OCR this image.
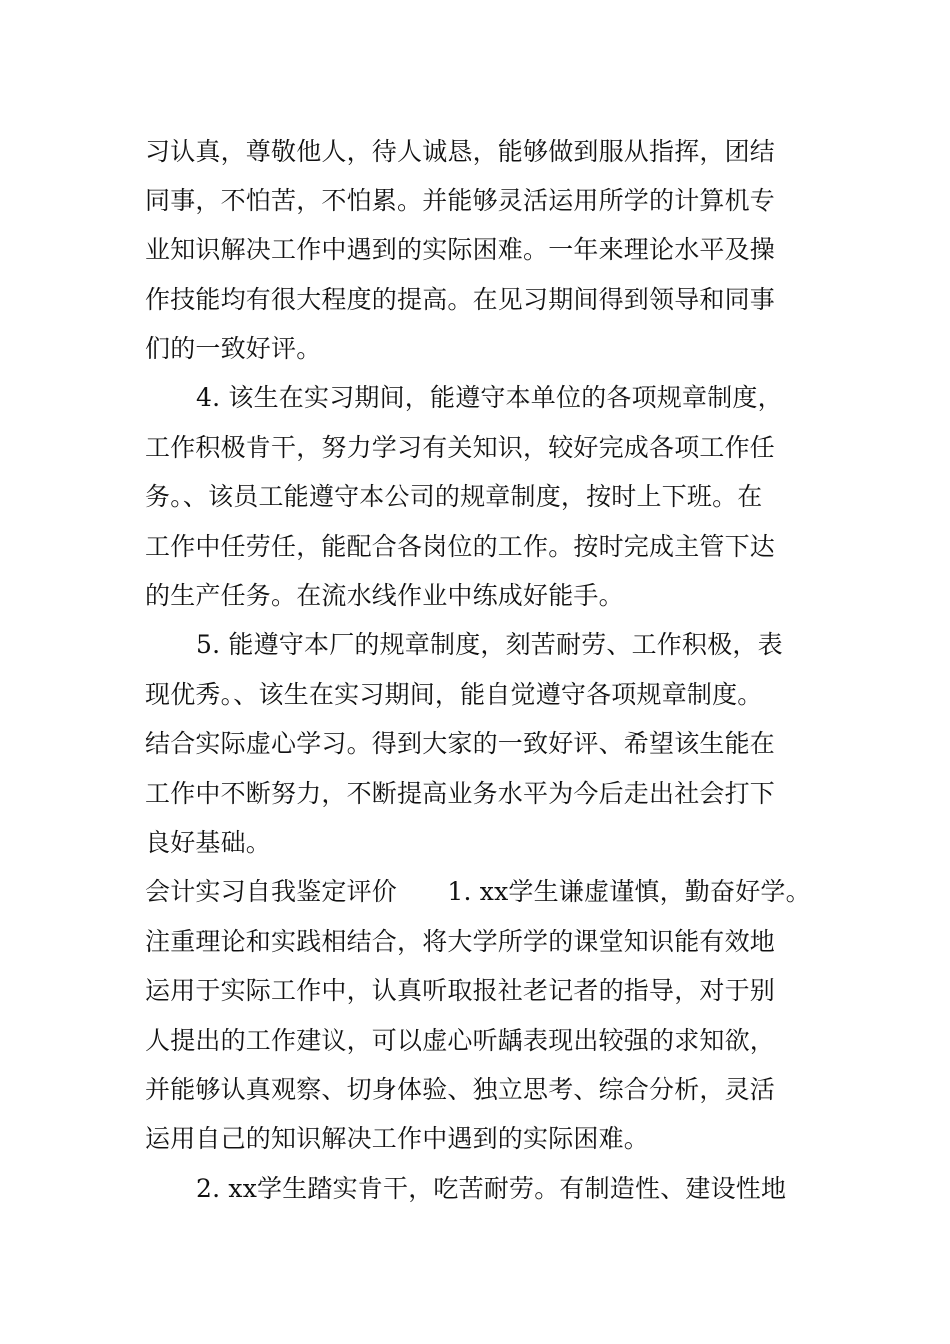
习认真，尊敬他人，待人诚恳，能够做到服从指挥，团结
同事，不怕苦，不怕累。并能够灵活运用所学的计算机专
业知识解决工作中遇到的实际困难。一年来理论水平及操
作技能均有很大程度的提高。在见习期间得到领导和同事
们的一致好评。
4. 该生在实习期间，能遵守本单位的各项规章制度，
工作积极肯干，努力学习有关知识，较好完成各项工作任
务。、该员工能遵守本公司的规章制度，按时上下班。在
工作中任劳任，能配合各岗位的工作。按时完成主管下达
的生产任务。在流水线作业中练成好能手。
5. 能遵守本厂的规章制度，刻苦耐劳、工作积极，表
现优秀。、该生在实习期间，能自觉遵守各项规章制度。
结合实际虚心学习。得到大家的一致好评、希望该生能在
工作中不断努力，不断提高业务水平为今后走出社会打下
良好基础。
会计实习自我鉴定评价　　1. xx学生谦虚谨慎，勤奋好学。
注重理论和实践相结合，将大学所学的课堂知识能有效地
运用于实际工作中，认真听取报社老记者的指导，对于别
人提出的工作建议，可以虚心听龋表现出较强的求知欲，
并能够认真观察、切身体验、独立思考、综合分析，灵活
运用自己的知识解决工作中遇到的实际困难。
2. xx学生踏实肯干，吃苦耐劳。有制造性、建设性地
